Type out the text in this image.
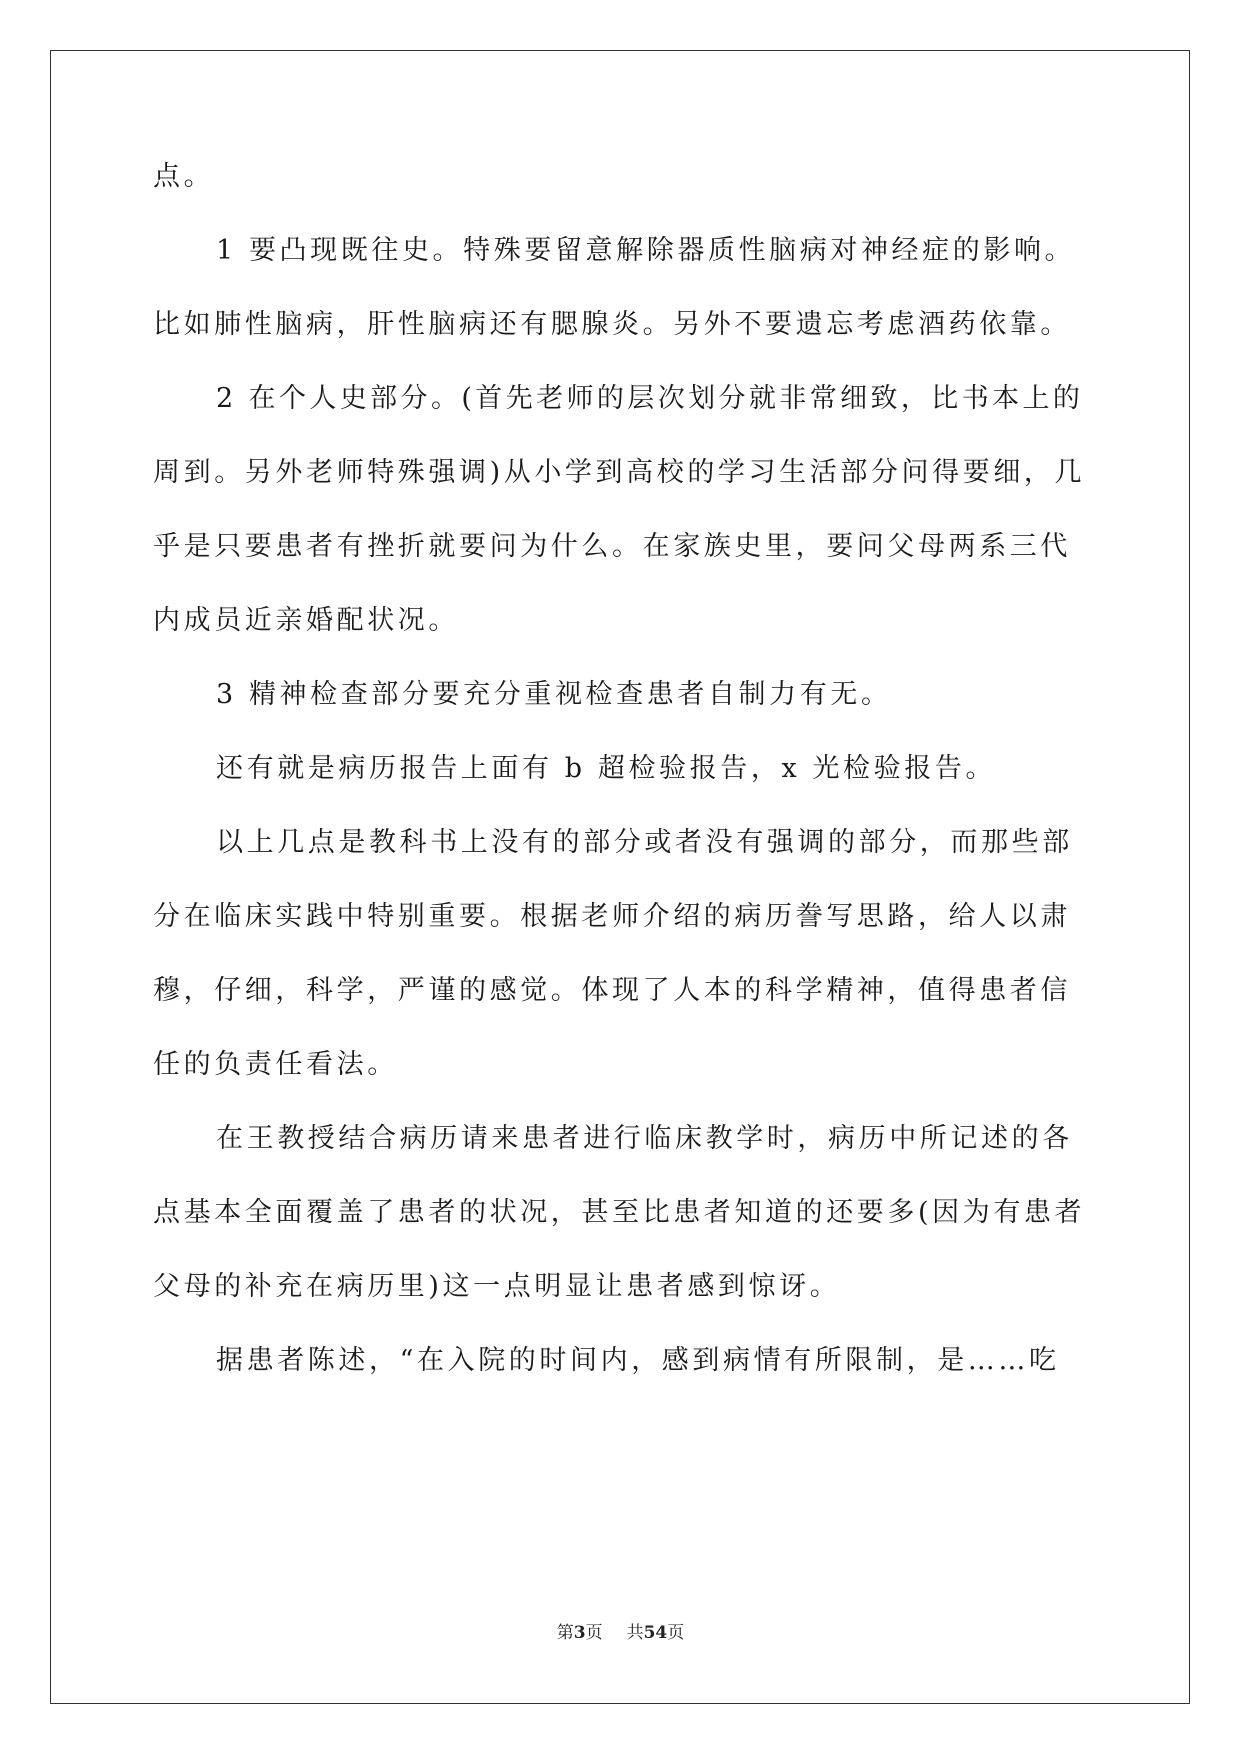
点。
1 要凸现既往史。特殊要留意解除器质性脑病对神经症的影响。
比如肺性脑病，肝性脑病还有腮腺炎。另外不要遗忘考虑酒药依靠。
2 在个人史部分。(首先老师的层次划分就非常细致，比书本上的
周到。另外老师特殊强调)从小学到高校的学习生活部分问得要细，几
乎是只要患者有挫折就要问为什么。在家族史里，要问父母两系三代
内成员近亲婚配状况。
3 精神检查部分要充分重视检查患者自制力有无。
还有就是病历报告上面有 b 超检验报告，x 光检验报告。
以上几点是教科书上没有的部分或者没有强调的部分，而那些部
分在临床实践中特别重要。根据老师介绍的病历誊写思路，给人以肃
穆，仔细，科学，严谨的感觉。体现了人本的科学精神，值得患者信
任的负责任看法。
在王教授结合病历请来患者进行临床教学时，病历中所记述的各
点基本全面覆盖了患者的状况，甚至比患者知道的还要多(因为有患者
父母的补充在病历里)这一点明显让患者感到惊讶。
据患者陈述，“在入院的时间内，感到病情有所限制，是……吃
第3页 共54页
